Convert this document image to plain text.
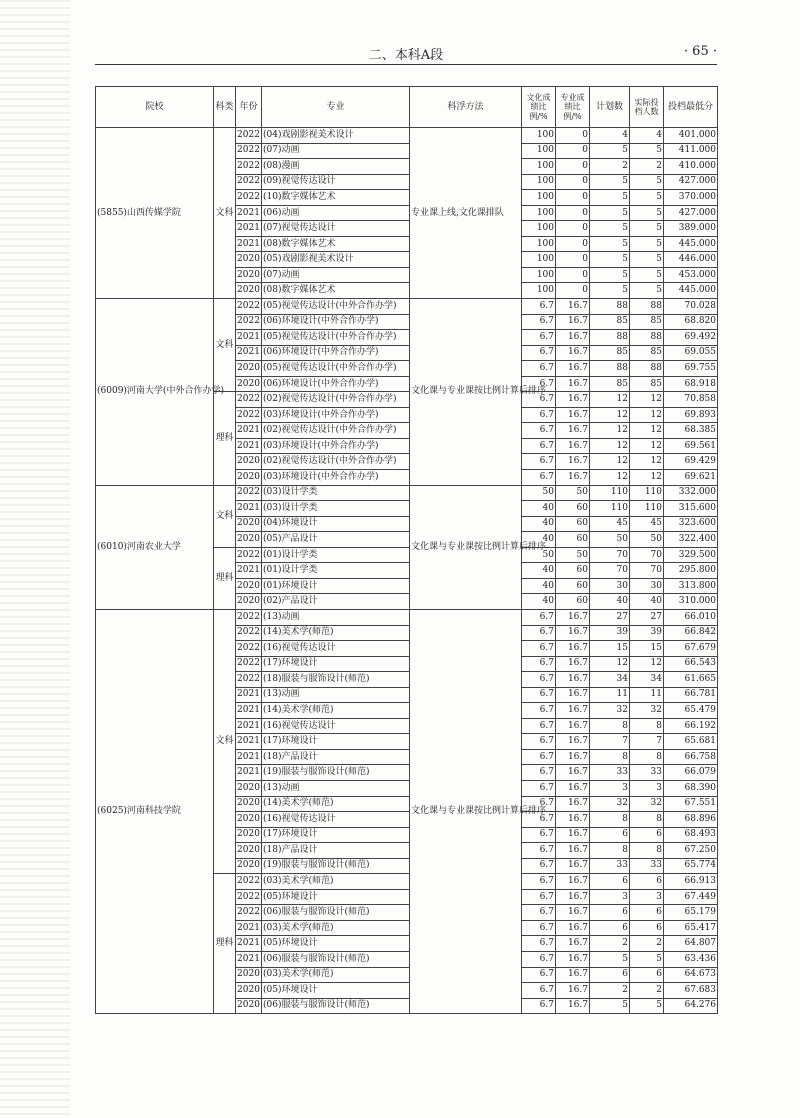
二、本科A段	· 65 ·
院校	科类	年份	专业	科浮方法	文化成绩比例/%	专业成绩比例/%	计划数	实际投档人数	投档最低分
(5855)山西传媒学院	文科	2022	(04)戏剧影视美术设计	专业课上线,文化课排队	100	0	4	4	401.000
		2022	(07)动画		100	0	5	5	411.000
		2022	(08)漫画		100	0	2	2	410.000
		2022	(09)视觉传达设计		100	0	5	5	427.000
		2022	(10)数字媒体艺术		100	0	5	5	370.000
		2021	(06)动画		100	0	5	5	427.000
		2021	(07)视觉传达设计		100	0	5	5	389.000
		2021	(08)数字媒体艺术		100	0	5	5	445.000
		2020	(05)戏剧影视美术设计		100	0	5	5	446.000
		2020	(07)动画		100	0	5	5	453.000
		2020	(08)数字媒体艺术		100	0	5	5	445.000
(6009)河南大学(中外合作办学)	文科	2022	(05)视觉传达设计(中外合作办学)	文化课与专业课按比例计算后排序	6.7	16.7	88	88	70.028
		2022	(06)环境设计(中外合作办学)		6.7	16.7	85	85	68.820
		2021	(05)视觉传达设计(中外合作办学)		6.7	16.7	88	88	69.492
		2021	(06)环境设计(中外合作办学)		6.7	16.7	85	85	69.055
		2020	(05)视觉传达设计(中外合作办学)		6.7	16.7	88	88	69.755
		2020	(06)环境设计(中外合作办学)		6.7	16.7	85	85	68.918
	理科	2022	(02)视觉传达设计(中外合作办学)		6.7	16.7	12	12	70.858
		2022	(03)环境设计(中外合作办学)		6.7	16.7	12	12	69.893
		2021	(02)视觉传达设计(中外合作办学)		6.7	16.7	12	12	68.385
		2021	(03)环境设计(中外合作办学)		6.7	16.7	12	12	69.561
		2020	(02)视觉传达设计(中外合作办学)		6.7	16.7	12	12	69.429
		2020	(03)环境设计(中外合作办学)		6.7	16.7	12	12	69.621
(6010)河南农业大学	文科	2022	(03)设计学类	文化课与专业课按比例计算后排序	50	50	110	110	332.000
		2021	(03)设计学类		40	60	110	110	315.600
		2020	(04)环境设计		40	60	45	45	323.600
		2020	(05)产品设计		40	60	50	50	322.400
	理科	2022	(01)设计学类		50	50	70	70	329.500
		2021	(01)设计学类		40	60	70	70	295.800
		2020	(01)环境设计		40	60	30	30	313.800
		2020	(02)产品设计		40	60	40	40	310.000
(6025)河南科技学院	文科	2022	(13)动画	文化课与专业课按比例计算后排序	6.7	16.7	27	27	66.010
		2022	(14)美术学(师范)		6.7	16.7	39	39	66.842
		2022	(16)视觉传达设计		6.7	16.7	15	15	67.679
		2022	(17)环境设计		6.7	16.7	12	12	66.543
		2022	(18)服装与服饰设计(师范)		6.7	16.7	34	34	61.665
		2021	(13)动画		6.7	16.7	11	11	66.781
		2021	(14)美术学(师范)		6.7	16.7	32	32	65.479
		2021	(16)视觉传达设计		6.7	16.7	8	8	66.192
		2021	(17)环境设计		6.7	16.7	7	7	65.681
		2021	(18)产品设计		6.7	16.7	8	8	66.758
		2021	(19)服装与服饰设计(师范)		6.7	16.7	33	33	66.079
		2020	(13)动画		6.7	16.7	3	3	68.390
		2020	(14)美术学(师范)		6.7	16.7	32	32	67.551
		2020	(16)视觉传达设计		6.7	16.7	8	8	68.896
		2020	(17)环境设计		6.7	16.7	6	6	68.493
		2020	(18)产品设计		6.7	16.7	8	8	67.250
		2020	(19)服装与服饰设计(师范)		6.7	16.7	33	33	65.774
	理科	2022	(03)美术学(师范)		6.7	16.7	6	6	66.913
		2022	(05)环境设计		6.7	16.7	3	3	67.449
		2022	(06)服装与服饰设计(师范)		6.7	16.7	6	6	65.179
		2021	(03)美术学(师范)		6.7	16.7	6	6	65.417
		2021	(05)环境设计		6.7	16.7	2	2	64.807
		2021	(06)服装与服饰设计(师范)		6.7	16.7	5	5	63.436
		2020	(03)美术学(师范)		6.7	16.7	6	6	64.673
		2020	(05)环境设计		6.7	16.7	2	2	67.683
		2020	(06)服装与服饰设计(师范)		6.7	16.7	5	5	64.276
